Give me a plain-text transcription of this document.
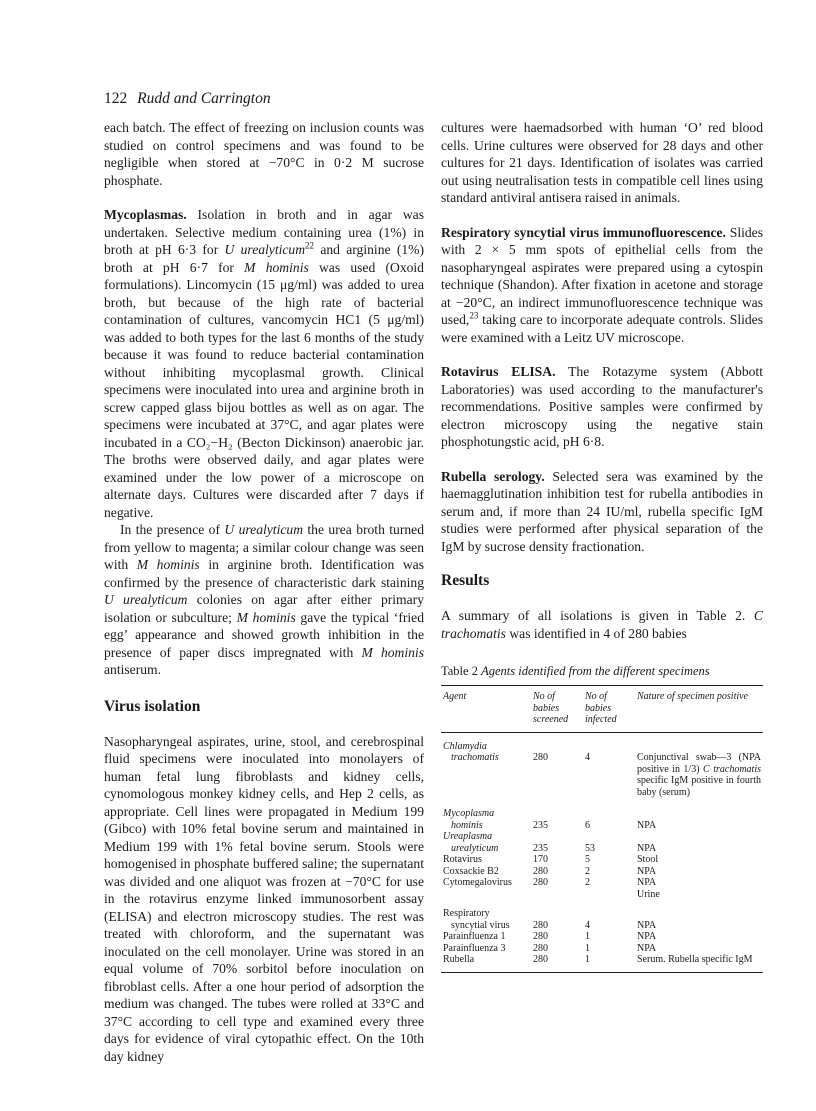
122 Rudd and Carrington

each batch. The effect of freezing on inclusion counts was studied on control specimens and was found to be negligible when stored at −70°C in 0·2 M sucrose phosphate.

Mycoplasmas. Isolation in broth and in agar was undertaken. Selective medium containing urea (1%) in broth at pH 6·3 for U urealyticum$^{22}$ and arginine (1%) broth at pH 6·7 for M hominis was used (Oxoid formulations). Lincomycin (15 μg/ml) was added to urea broth, but because of the high rate of bacterial contamination of cultures, vancomycin HC1 (5 μg/ml) was added to both types for the last 6 months of the study because it was found to reduce bacterial contamination without inhibiting mycoplasmal growth. Clinical specimens were inoculated into urea and arginine broth in screw capped glass bijou bottles as well as on agar. The specimens were incubated at 37°C, and agar plates were incubated in a CO₂−H₂ (Becton Dickinson) anaerobic jar. The broths were observed daily, and agar plates were examined under the low power of a microscope on alternate days. Cultures were discarded after 7 days if negative.

In the presence of U urealyticum the urea broth turned from yellow to magenta; a similar colour change was seen with M hominis in arginine broth. Identification was confirmed by the presence of characteristic dark staining U urealyticum colonies on agar after either primary isolation or subculture; M hominis gave the typical ‘fried egg’ appearance and showed growth inhibition in the presence of paper discs impregnated with M hominis antiserum.

Virus isolation

Nasopharyngeal aspirates, urine, stool, and cerebrospinal fluid specimens were inoculated into monolayers of human fetal lung fibroblasts and kidney cells, cynomologous monkey kidney cells, and Hep 2 cells, as appropriate. Cell lines were propagated in Medium 199 (Gibco) with 10% fetal bovine serum and maintained in Medium 199 with 1% fetal bovine serum. Stools were homogenised in phosphate buffered saline; the supernatant was divided and one aliquot was frozen at −70°C for use in the rotavirus enzyme linked immunosorbent assay (ELISA) and electron microscopy studies. The rest was treated with chloroform, and the supernatant was inoculated on the cell monolayer. Urine was stored in an equal volume of 70% sorbitol before inoculation on fibroblast cells. After a one hour period of adsorption the medium was changed. The tubes were rolled at 33°C and 37°C according to cell type and examined every three days for evidence of viral cytopathic effect. On the 10th day kidney

cultures were haemadsorbed with human ‘O’ red blood cells. Urine cultures were observed for 28 days and other cultures for 21 days. Identification of isolates was carried out using neutralisation tests in compatible cell lines using standard antiviral antisera raised in animals.

Respiratory syncytial virus immunofluorescence. Slides with 2 × 5 mm spots of epithelial cells from the nasopharyngeal aspirates were prepared using a cytospin technique (Shandon). After fixation in acetone and storage at −20°C, an indirect immunofluorescence technique was used,$^{23}$ taking care to incorporate adequate controls. Slides were examined with a Leitz UV microscope.

Rotavirus ELISA. The Rotazyme system (Abbott Laboratories) was used according to the manufacturer's recommendations. Positive samples were confirmed by electron microscopy using the negative stain phosphotungstic acid, pH 6·8.

Rubella serology. Selected sera was examined by the haemagglutination inhibition test for rubella antibodies in serum and, if more than 24 IU/ml, rubella specific IgM studies were performed after physical separation of the IgM by sucrose density fractionation.

Results

A summary of all isolations is given in Table 2. C trachomatis was identified in 4 of 280 babies

Table 2 Agents identified from the different specimens
Agent	No of babies screened	No of babies infected	Nature of specimen positive
Chlamydia
trachomatis	280	4	Conjunctival swab—3 (NPA positive in 1/3) C trachomatis specific IgM positive in fourth baby (serum)
Mycoplasma
hominis	235	6	NPA
Ureaplasma
urealyticum	235	53	NPA
Rotavirus	170	5	Stool
Coxsackie B2	280	2	NPA
Cytomegalovirus	280	2	NPA
Urine
Respiratory
syncytial virus	280	4	NPA
Parainfluenza 1	280	1	NPA
Parainfluenza 3	280	1	NPA
Rubella	280	1	Serum. Rubella specific IgM
